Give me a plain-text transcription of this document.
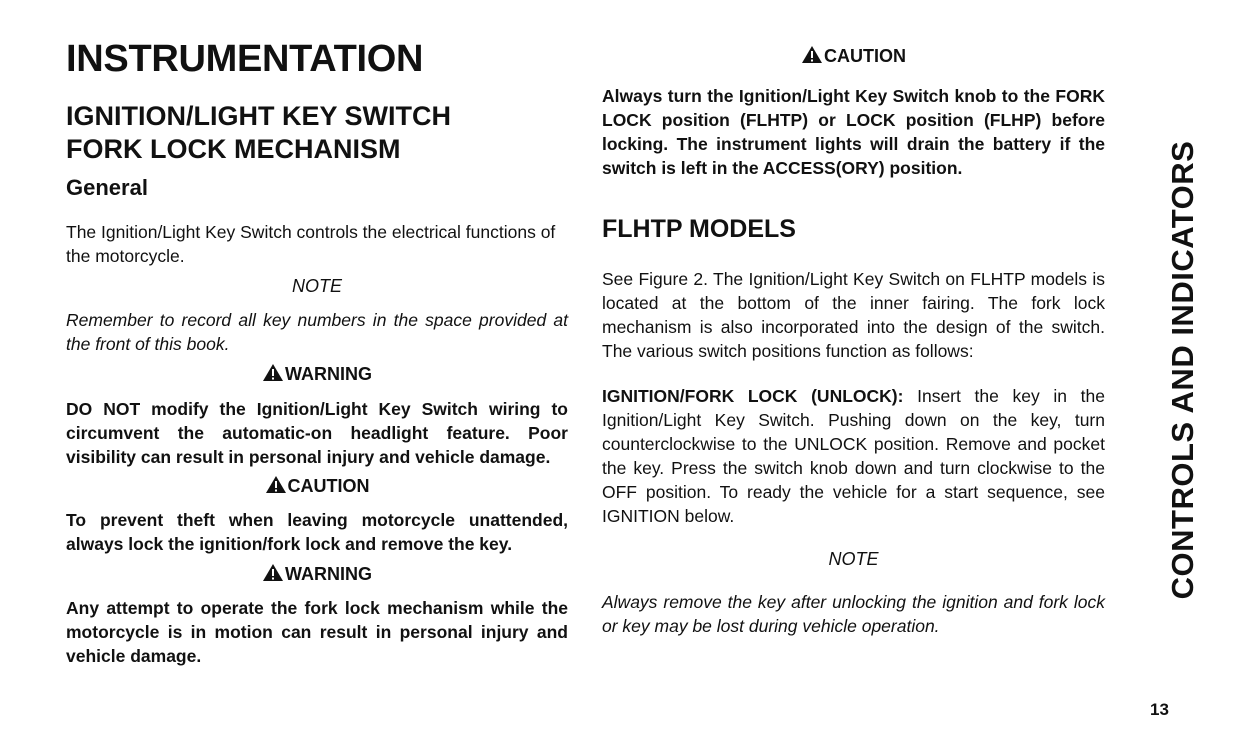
INSTRUMENTATION
IGNITION/LIGHT KEY SWITCH
FORK LOCK MECHANISM
General

The Ignition/Light Key Switch controls the electrical functions of the motorcycle.

NOTE

Remember to record all key numbers in the space provided at the front of this book.

WARNING

DO NOT modify the Ignition/Light Key Switch wiring to circumvent the automatic-on headlight feature. Poor visibility can result in personal injury and vehicle damage.

CAUTION

To prevent theft when leaving motorcycle unattended, always lock the ignition/fork lock and remove the key.

WARNING

Any attempt to operate the fork lock mechanism while the motorcycle is in motion can result in personal injury and vehicle damage.

CAUTION

Always turn the Ignition/Light Key Switch knob to the FORK LOCK position (FLHTP) or LOCK position (FLHP) before locking. The instrument lights will drain the battery if the switch is left in the ACCESS(ORY) position.

FLHTP MODELS

See Figure 2. The Ignition/Light Key Switch on FLHTP models is located at the bottom of the inner fairing. The fork lock mechanism is also incorporated into the design of the switch. The various switch positions function as follows:

IGNITION/FORK LOCK (UNLOCK): Insert the key in the Ignition/Light Key Switch. Pushing down on the key, turn counterclockwise to the UNLOCK position. Remove and pocket the key. Press the switch knob down and turn clockwise to the OFF position. To ready the vehicle for a start sequence, see IGNITION below.

NOTE

Always remove the key after unlocking the ignition and fork lock or key may be lost during vehicle operation.

CONTROLS AND INDICATORS
13
